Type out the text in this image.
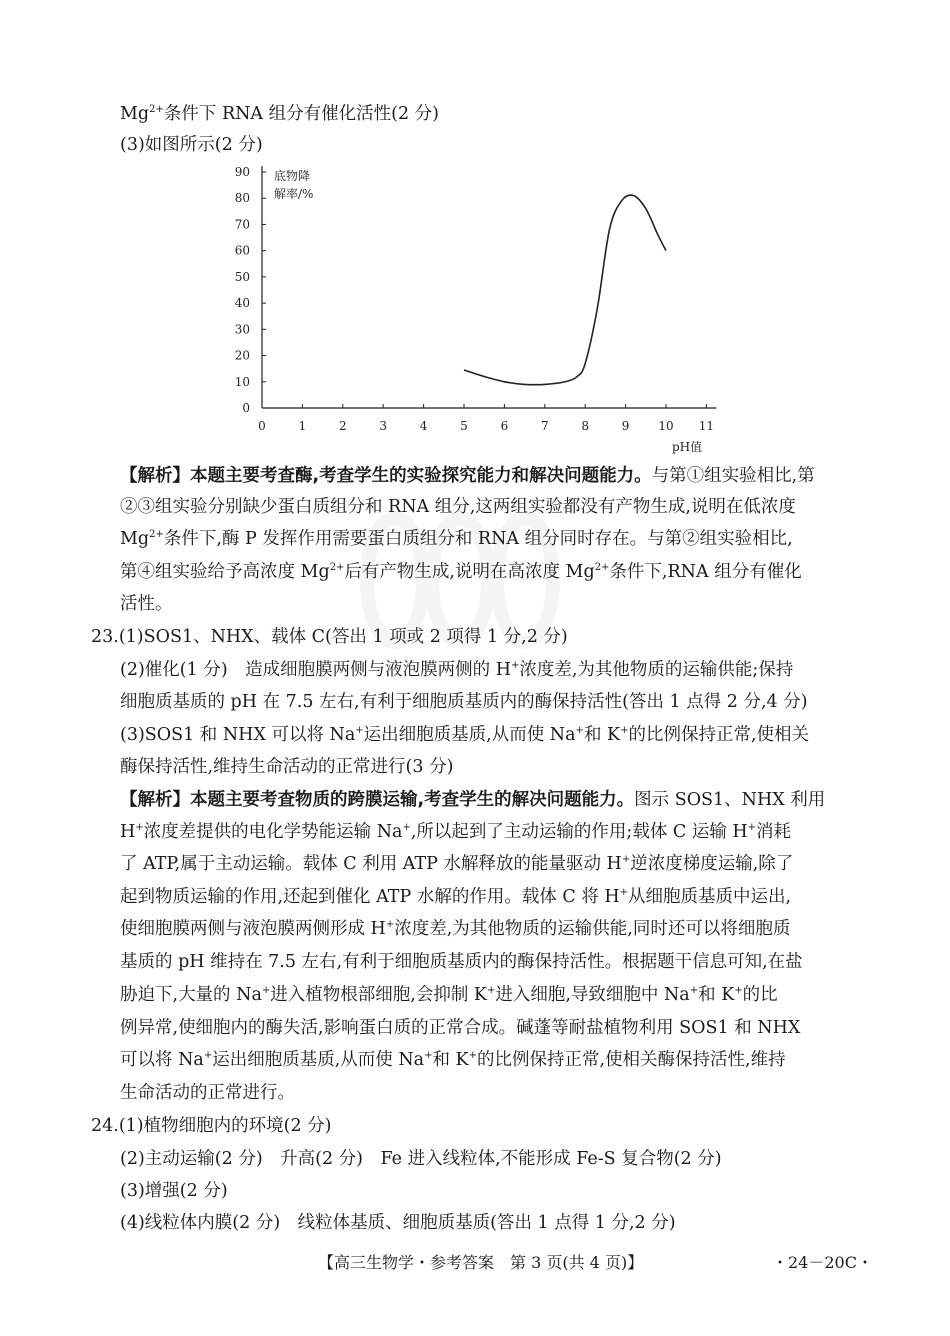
$Mg^{2+}$条件下 RNA 组分有催化活性(2 分)
(3)如图所示(2 分)
0	1	2	3	4	5	6	7	8	9 10 11
0
10
20
30
40
50
60
70
80
90 底物降
解率/%
pH值
【解析】本题主要考查酶,考查学生的实验探究能力和解决问题能力。与第①组实验相比,第
②③组实验分别缺少蛋白质组分和 RNA 组分,这两组实验都没有产物生成,说明在低浓度
$Mg^{2+}$条件下,酶 P 发挥作用需要蛋白质组分和 RNA 组分同时存在。与第②组实验相比,
第④组实验给予高浓度 $Mg^{2+}$后有产物生成,说明在高浓度 $Mg^{2+}$条件下,RNA 组分有催化
活性。
23.(1)SOS1、NHX、载体 C(答出 1 项或 2 项得 1 分,2 分)
(2)催化(1 分)　造成细胞膜两侧与液泡膜两侧的 H+浓度差,为其他物质的运输供能;保持
细胞质基质的 pH 在 7.5 左右,有利于细胞质基质内的酶保持活性(答出 1 点得 2 分,4 分)
(3)SOS1 和 NHX 可以将 Na+运出细胞质基质,从而使 Na+和 K+的比例保持正常,使相关
酶保持活性,维持生命活动的正常进行(3 分)
【解析】本题主要考查物质的跨膜运输,考查学生的解决问题能力。图示 SOS1、NHX 利用
H+浓度差提供的电化学势能运输 Na+,所以起到了主动运输的作用;载体 C 运输 H+消耗
了 ATP,属于主动运输。载体 C 利用 ATP 水解释放的能量驱动 H+逆浓度梯度运输,除了
起到物质运输的作用,还起到催化 ATP 水解的作用。载体 C 将 H+从细胞质基质中运出,
使细胞膜两侧与液泡膜两侧形成 H+浓度差,为其他物质的运输供能,同时还可以将细胞质
基质的 pH 维持在 7.5 左右,有利于细胞质基质内的酶保持活性。根据题干信息可知,在盐
胁迫下,大量的 Na+进入植物根部细胞,会抑制 K+进入细胞,导致细胞中 Na+和 K+的比
例异常,使细胞内的酶失活,影响蛋白质的正常合成。碱蓬等耐盐植物利用 SOS1 和 NHX
可以将 Na+运出细胞质基质,从而使 Na+和 K+的比例保持正常,使相关酶保持活性,维持
生命活动的正常进行。
24.(1)植物细胞内的环境(2 分)
(2)主动运输(2 分)　升高(2 分)　Fe 进入线粒体,不能形成 Fe-S 复合物(2 分)
(3)增强(2 分)
(4)线粒体内膜(2 分)　线粒体基质、细胞质基质(答出 1 点得 1 分,2 分)
【高三生物学・参考答案　第 3 页(共 4 页)】	・24－20C・
